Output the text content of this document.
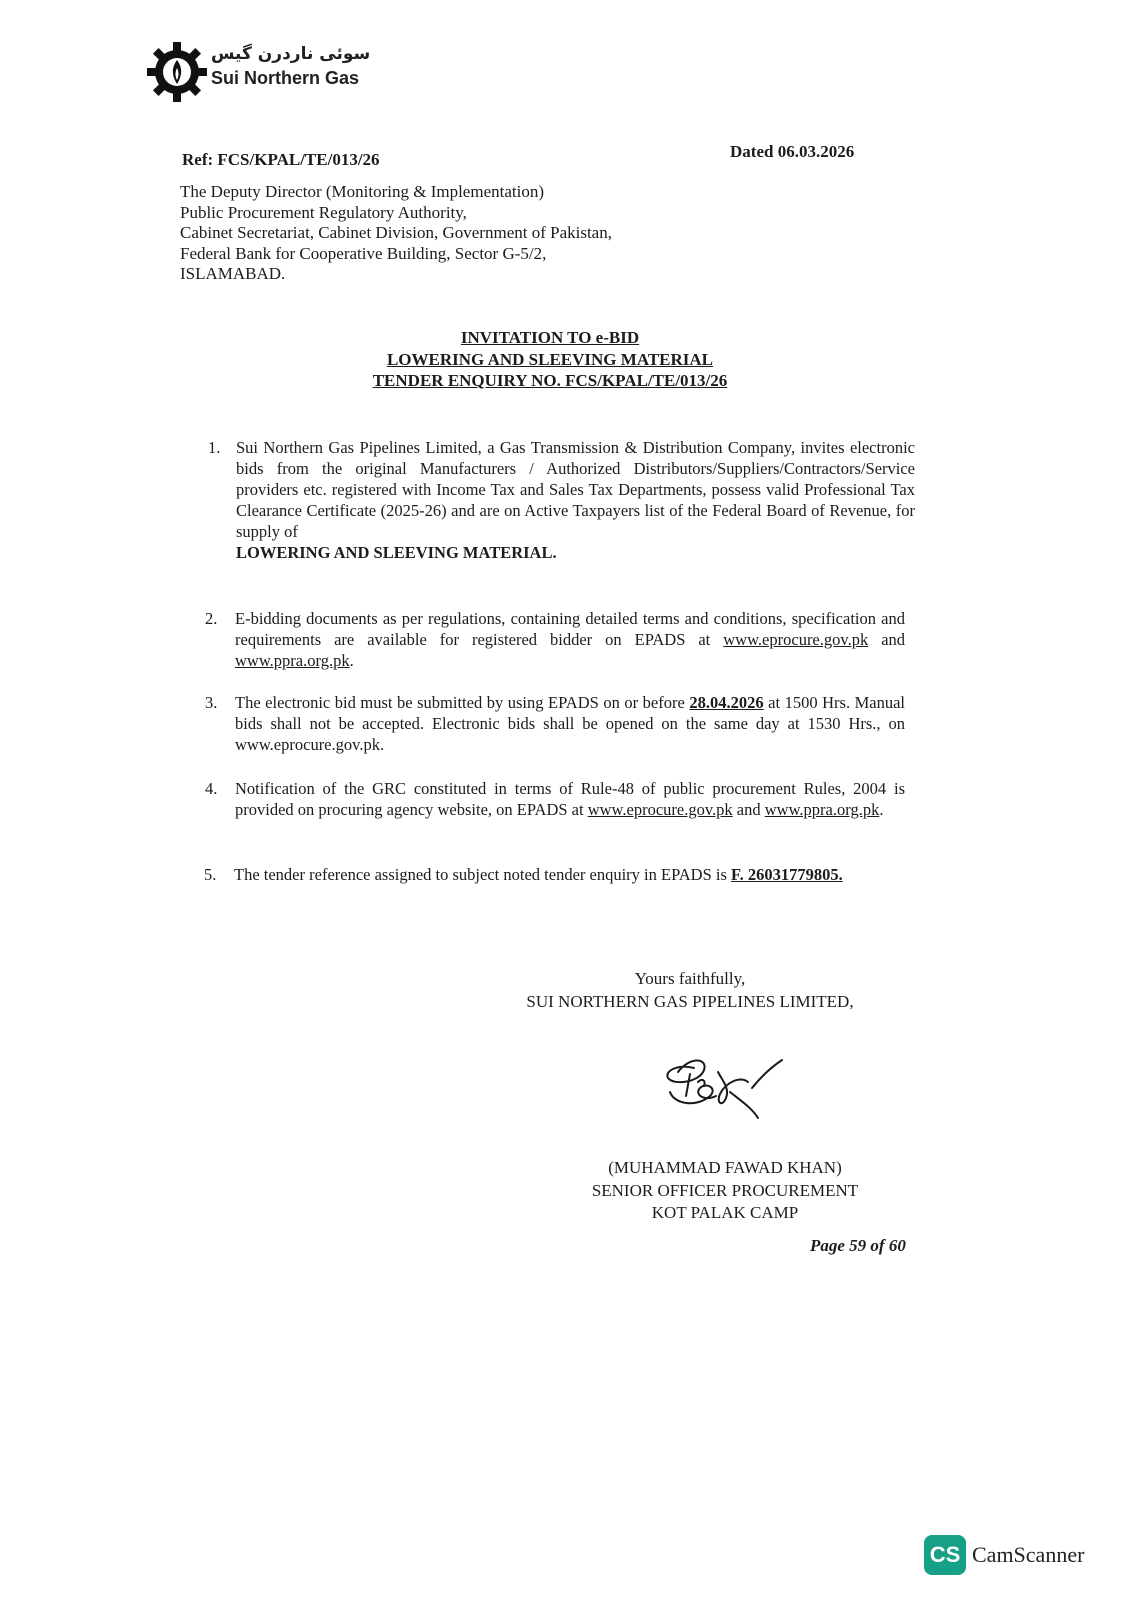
سوئی ناردرن گیس
Sui Northern Gas
Ref: FCS/KPAL/TE/013/26	Dated 06.03.2026
The Deputy Director (Monitoring & Implementation)
Public Procurement Regulatory Authority,
Cabinet Secretariat, Cabinet Division, Government of Pakistan,
Federal Bank for Cooperative Building, Sector G-5/2,
ISLAMABAD.
INVITATION TO e-BID
LOWERING AND SLEEVING MATERIAL
TENDER ENQUIRY NO. FCS/KPAL/TE/013/26
1. Sui Northern Gas Pipelines Limited, a Gas Transmission & Distribution Company, invites electronic bids from the original Manufacturers / Authorized Distributors/Suppliers/Contractors/Service providers etc. registered with Income Tax and Sales Tax Departments, possess valid Professional Tax Clearance Certificate (2025-26) and are on Active Taxpayers list of the Federal Board of Revenue, for supply of
LOWERING AND SLEEVING MATERIAL.
2. E-bidding documents as per regulations, containing detailed terms and conditions, specification and requirements are available for registered bidder on EPADS at www.eprocure.gov.pk and www.ppra.org.pk.
3. The electronic bid must be submitted by using EPADS on or before 28.04.2026 at 1500 Hrs. Manual bids shall not be accepted. Electronic bids shall be opened on the same day at 1530 Hrs., on www.eprocure.gov.pk.
4. Notification of the GRC constituted in terms of Rule-48 of public procurement Rules, 2004 is provided on procuring agency website, on EPADS at www.eprocure.gov.pk and www.ppra.org.pk.
5. The tender reference assigned to subject noted tender enquiry in EPADS is F. 26031779805.
Yours faithfully,
SUI NORTHERN GAS PIPELINES LIMITED,
(MUHAMMAD FAWAD KHAN)
SENIOR OFFICER PROCUREMENT
KOT PALAK CAMP
Page 59 of 60
CS CamScanner
